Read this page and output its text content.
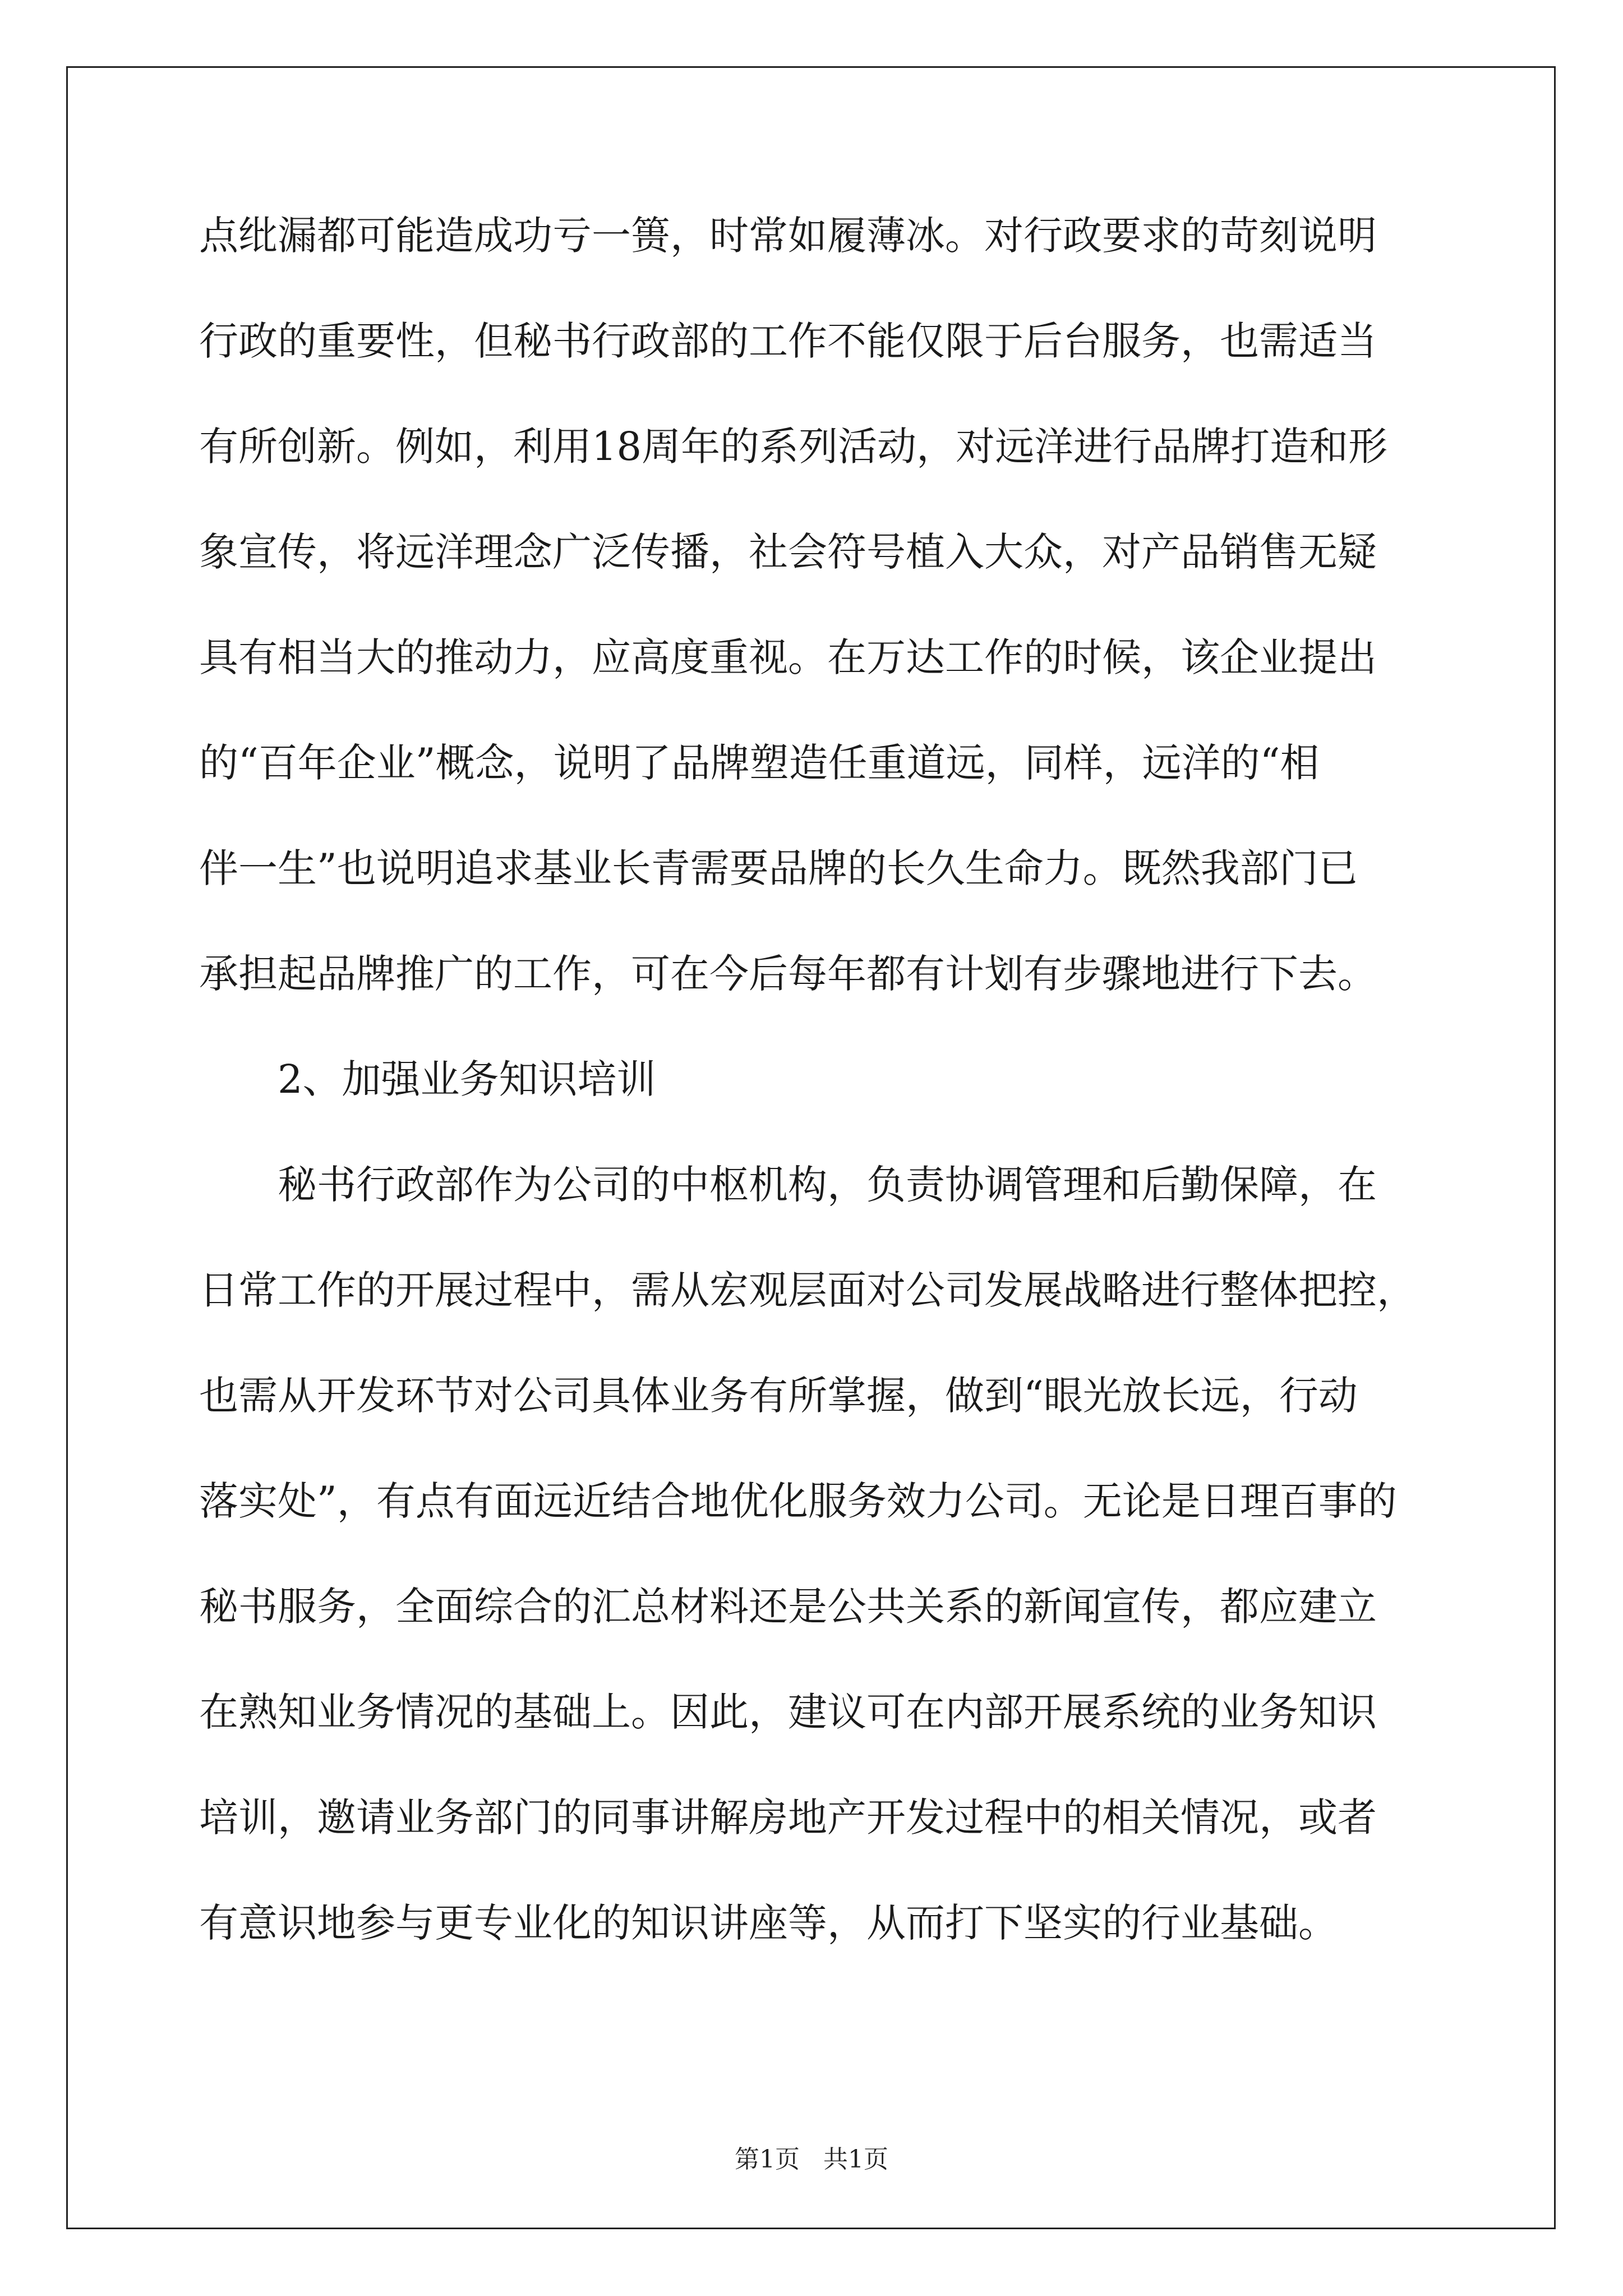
点纰漏都可能造成功亏一篑，时常如履薄冰。对行政要求的苛刻说明
行政的重要性，但秘书行政部的工作不能仅限于后台服务，也需适当
有所创新。例如，利用18周年的系列活动，对远洋进行品牌打造和形
象宣传，将远洋理念广泛传播，社会符号植入大众，对产品销售无疑
具有相当大的推动力，应高度重视。在万达工作的时候，该企业提出
的“百年企业”概念，说明了品牌塑造任重道远，同样，远洋的“相
伴一生”也说明追求基业长青需要品牌的长久生命力。既然我部门已
承担起品牌推广的工作，可在今后每年都有计划有步骤地进行下去。
2、加强业务知识培训
秘书行政部作为公司的中枢机构，负责协调管理和后勤保障，在
日常工作的开展过程中，需从宏观层面对公司发展战略进行整体把控，
也需从开发环节对公司具体业务有所掌握，做到“眼光放长远，行动
落实处”，有点有面远近结合地优化服务效力公司。无论是日理百事的
秘书服务，全面综合的汇总材料还是公共关系的新闻宣传，都应建立
在熟知业务情况的基础上。因此，建议可在内部开展系统的业务知识
培训，邀请业务部门的同事讲解房地产开发过程中的相关情况，或者
有意识地参与更专业化的知识讲座等，从而打下坚实的行业基础。
第1页 共1页
